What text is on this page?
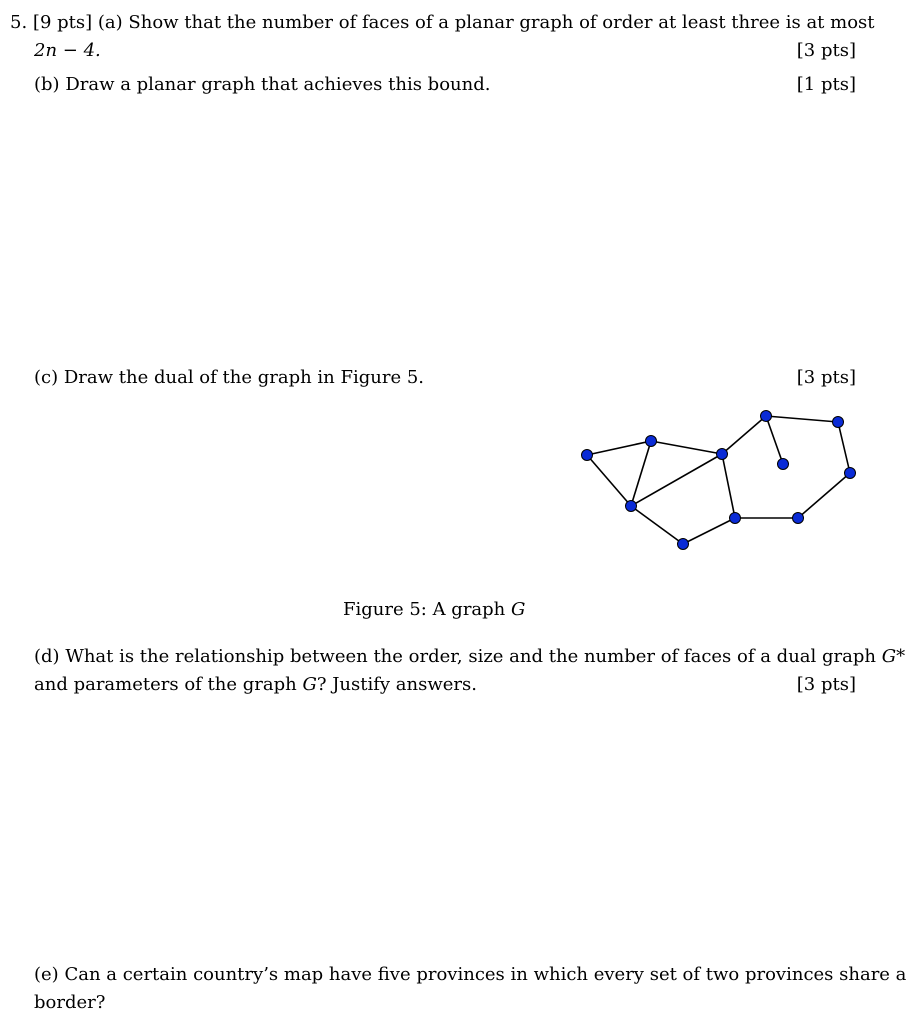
5. [9 pts] (a) Show that the number of faces of a planar graph of order at least three is at most
2n − 4.	[3 pts]
(b) Draw a planar graph that achieves this bound.	[1 pts]
(c) Draw the dual of the graph in Figure 5.	[3 pts]
Figure 5: A graph G
(d) What is the relationship between the order, size and the number of faces of a dual graph G*
and parameters of the graph G? Justify answers.	[3 pts]
(e) Can a certain country’s map have five provinces in which every set of two provinces share a
border?
